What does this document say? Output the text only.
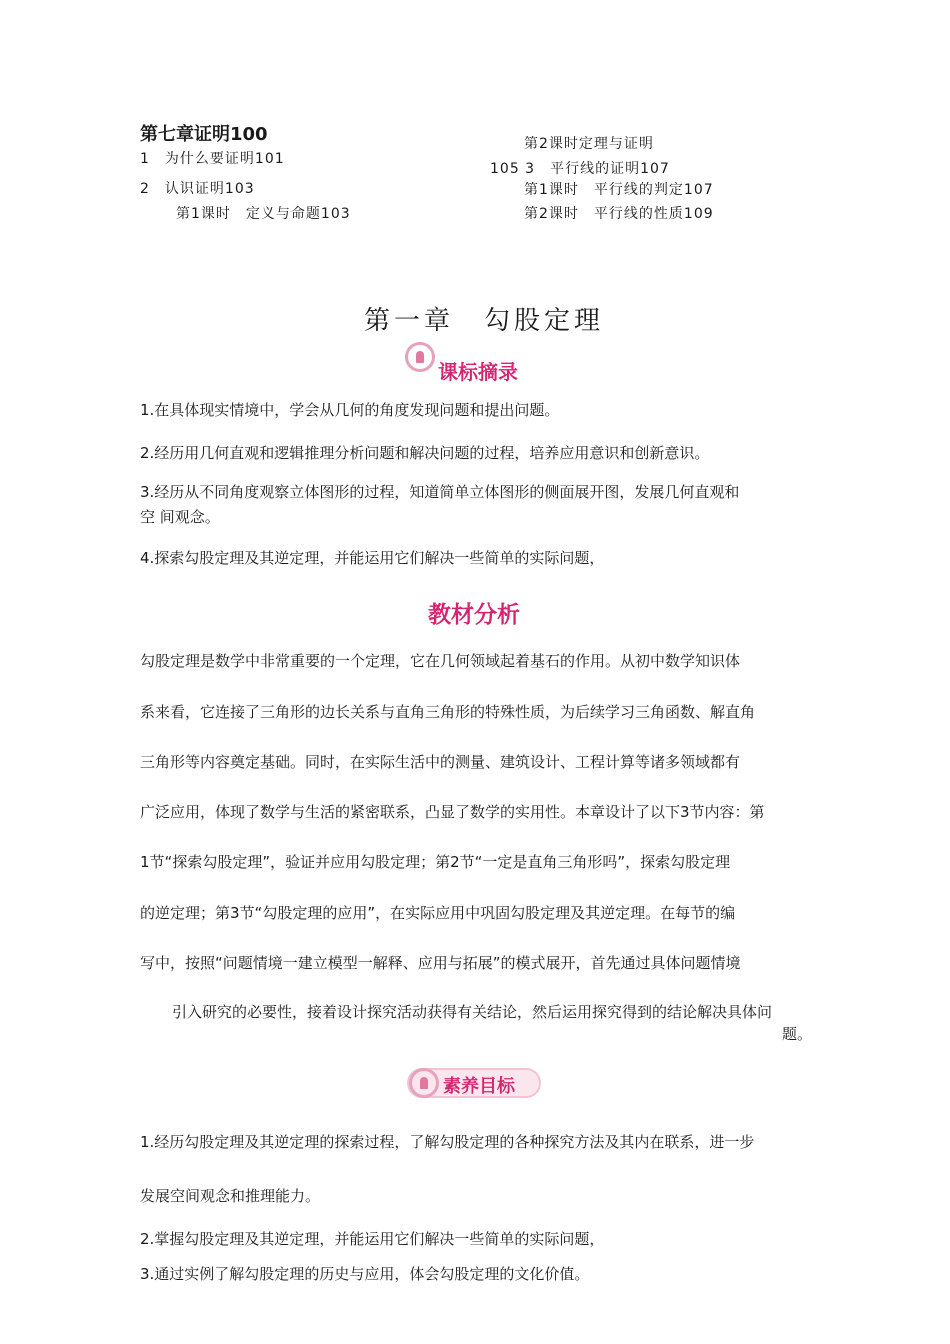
第七章证明100
1　为什么要证明101
2　认识证明103
第1课时　定义与命题103
第2课时定理与证明
105 3　平行线的证明107
第1课时　平行线的判定107
第2课时　平行线的性质109
第一章　勾股定理
课标摘录
1.在具体现实情境中，学会从几何的角度发现问题和提出问题。
2.经历用几何直观和逻辑推理分析问题和解决问题的过程，培养应用意识和创新意识。
3.经历从不同角度观察立体图形的过程，知道简单立体图形的侧面展开图，发展几何直观和
空 间观念。
4.探索勾股定理及其逆定理，并能运用它们解决一些简单的实际问题，
教材分析
勾股定理是数学中非常重要的一个定理，它在几何领域起着基石的作用。从初中数学知识体
系来看，它连接了三角形的边长关系与直角三角形的特殊性质，为后续学习三角函数、解直角
三角形等内容奠定基础。同时，在实际生活中的测量、建筑设计、工程计算等诸多领域都有
广泛应用，体现了数学与生活的紧密联系，凸显了数学的实用性。本章设计了以下3节内容：第
1节“探索勾股定理”，验证并应用勾股定理；第2节“一定是直角三角形吗”，探索勾股定理
的逆定理；第3节“勾股定理的应用”，在实际应用中巩固勾股定理及其逆定理。在每节的编
写中，按照“问题情境一建立模型一解释、应用与拓展”的模式展开，首先通过具体问题情境
引入研究的必要性，接着设计探究活动获得有关结论，然后运用探究得到的结论解决具体问
题。
素养目标
1.经历勾股定理及其逆定理的探索过程，了解勾股定理的各种探究方法及其内在联系，进一步
发展空间观念和推理能力。
2.掌握勾股定理及其逆定理，并能运用它们解决一些简单的实际问题，
3.通过实例了解勾股定理的历史与应用，体会勾股定理的文化价值。
